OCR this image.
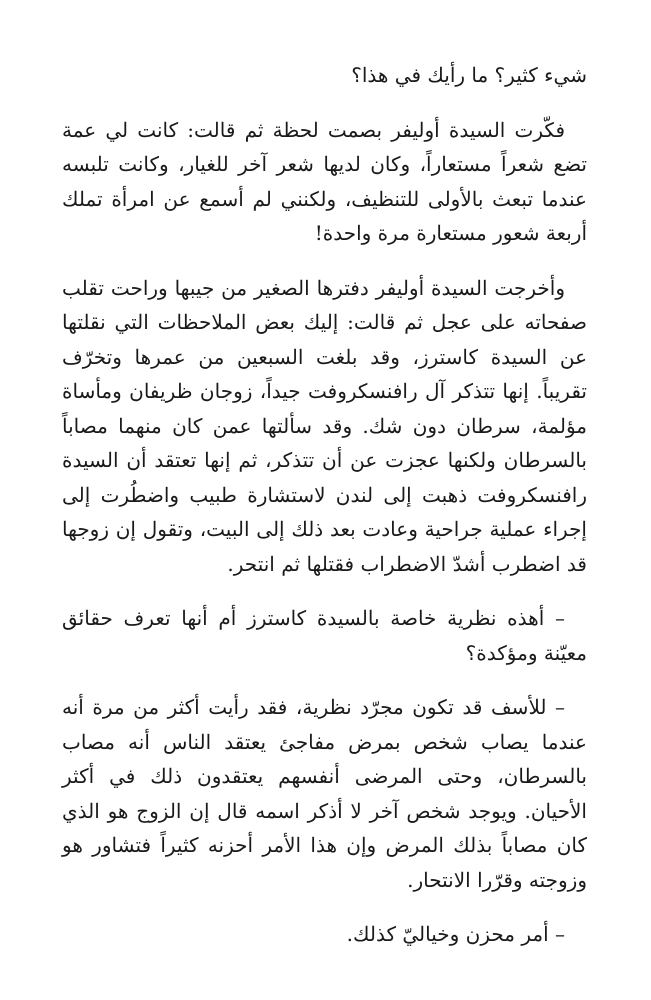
شيء كثير؟ ما رأيك في هذا؟

فكّرت السيدة أوليفر بصمت لحظة ثم قالت: كانت لي عمة تضع شعراً مستعاراً، وكان لديها شعر آخر للغيار، وكانت تلبسه عندما تبعث بالأولى للتنظيف، ولكنني لم أسمع عن امرأة تملك أربعة شعور مستعارة مرة واحدة!

وأخرجت السيدة أوليفر دفترها الصغير من جيبها وراحت تقلب صفحاته على عجل ثم قالت: إليك بعض الملاحظات التي نقلتها عن السيدة كاسترز، وقد بلغت السبعين من عمرها وتخرّف تقريباً. إنها تتذكر آل رافنسكروفت جيداً، زوجان ظريفان ومأساة مؤلمة، سرطان دون شك. وقد سألتها عمن كان منهما مصاباً بالسرطان ولكنها عجزت عن أن تتذكر، ثم إنها تعتقد أن السيدة رافنسكروفت ذهبت إلى لندن لاستشارة طبيب واضطُرت إلى إجراء عملية جراحية وعادت بعد ذلك إلى البيت، وتقول إن زوجها قد اضطرب أشدّ الاضطراب فقتلها ثم انتحر.

– أهذه نظرية خاصة بالسيدة كاسترز أم أنها تعرف حقائق معيّنة ومؤكدة؟

– للأسف قد تكون مجرّد نظرية، فقد رأيت أكثر من مرة أنه عندما يصاب شخص بمرض مفاجئ يعتقد الناس أنه مصاب بالسرطان، وحتى المرضى أنفسهم يعتقدون ذلك في أكثر الأحيان. ويوجد شخص آخر لا أذكر اسمه قال إن الزوج هو الذي كان مصاباً بذلك المرض وإن هذا الأمر أحزنه كثيراً فتشاور هو وزوجته وقرّرا الانتحار.

– أمر محزن وخياليّ كذلك.
